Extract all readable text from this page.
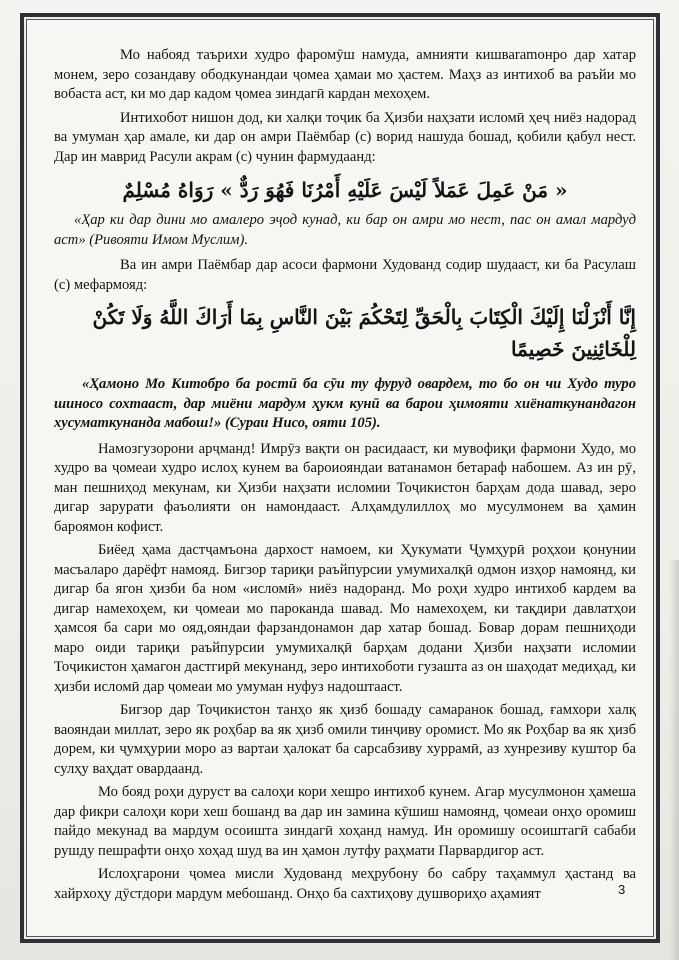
Мо набояд таърихи худро фаромӯш намуда, амнияти кишваramонро дар хатар монем, зеро созандаву ободкунандаи ҷомеа ҳамаи мо ҳастем. Маҳз аз интихоб ва раъйи мо вобаста аст, ки мо дар кадом ҷомеа зиндагӣ кардан мехоҳем.

Интихобот нишон дод, ки халқи тоҷик ба Ҳизби наҳзати исломӣ ҳеҷ ниёз надорад ва умуман ҳар амале, ки дар он амри Паёмбар (с) ворид нашуда бошад, қобили қабул нест. Дар ин маврид Расули акрам (с) чунин фармудаанд:

« مَنْ عَمِلَ عَمَلاً لَيْسَ عَلَيْهِ أَمْرُنَا فَهُوَ رَدٌّ » رَوَاهُ مُسْلِمٌ

«Ҳар ки дар дини мо амалеро эҷод кунад, ки бар он амри мо нест, пас он амал мардуд аст» (Ривояти Имом Муслим).

Ва ин амри Паёмбар дар асоси фармони Худованд содир шудааст, ки ба Расулаш (с) мефармояд:

إِنَّا أَنْزَلْنَا إِلَيْكَ الْكِتَابَ بِالْحَقِّ لِتَحْكُمَ بَيْنَ النَّاسِ بِمَا أَرَاكَ اللَّهُ وَلَا تَكُنْ لِلْخَائِنِينَ خَصِيمًا

«Ҳамоно Мо Китобро ба ростӣ ба сӯи ту фуруд овардем, то бо он чи Худо туро шиносо сохтааст, дар миёни мардум ҳукм кунӣ ва барои ҳимояти хиёнаткунандагон хусуматкунанда мабош!» (Сураи Нисо, ояти 105).

Намозгузорони арҷманд! Имрӯз вақти он расидааст, ки мувофиқи фармони Худо, мо худро ва ҷомеаи худро ислоҳ кунем ва бароиояндаи ватанамон бетараф набошем. Аз ин рӯ, ман пешниҳод мекунам, ки Ҳизби наҳзати исломии Тоҷикистон барҳам дода шавад, зеро дигар зарурати фаъолияти он намондааст. Алҳамдулиллоҳ мо мусулмонем ва ҳамин бароямон кофист.

Биёед ҳама дастҷамъона дархост намоем, ки Ҳукумати Ҷумҳурӣ роҳхои қонунии масъаларо дарёфт намояд. Бигзор тариқи раъйпурсии умумихалқӣ одмон изҳор намоянд, ки дигар ба ягон ҳизби ба ном «исломӣ» ниёз надоранд. Мо роҳи худро интихоб кардем ва дигар намехоҳем, ки ҷомеаи мо пароканда шавад. Мо намехоҳем, ки тақдири давлатҳои ҳамсоя ба сари мо ояд,ояндаи фарзандонамон дар хатар бошад. Бовар дорам пешниҳоди маро оиди тариқи раъйпурсии умумихалқӣ барҳам додани Ҳизби наҳзати исломии Тоҷикистон ҳамагон дастгирӣ мекунанд, зеро интихоботи гузашта аз он шаҳодат медиҳад, ки ҳизби исломӣ дар ҷомеаи мо умуман нуфуз надоштааст.

Бигзор дар Тоҷикистон танҳо як ҳизб бошаду самаранок бошад, ғамхори халқ ваояндаи миллат, зеро як роҳбар ва як ҳизб омили тинҷиву оромист. Мо як Роҳбар ва як ҳизб дорем, ки ҷумҳурии моро аз вартаи ҳалокат ба сарсабзиву хуррамӣ, аз хунрезиву куштор ба сулҳу ваҳдат овардаанд.

Мо бояд роҳи дуруст ва салоҳи кори хешро интихоб кунем. Агар мусулмонон ҳамеша дар фикри салоҳи кори хеш бошанд ва дар ин замина кӯшиш намоянд, ҷомеаи онҳо оромиш пайдо мекунад ва мардум осоишта зиндагӣ хоҳанд намуд. Ин оромишу осоиштагӣ сабаби рушду пешрафти онҳо хоҳад шуд ва ин ҳамон лутфу раҳмати Парвардигор аст.

Ислоҳгарони ҷомеа мисли Худованд меҳрубону бо сабру таҳаммул ҳастанд ва хайрхоҳу дӯстдори мардум мебошанд. Онҳо ба сахтиҳову душвориҳо аҳамият	3
